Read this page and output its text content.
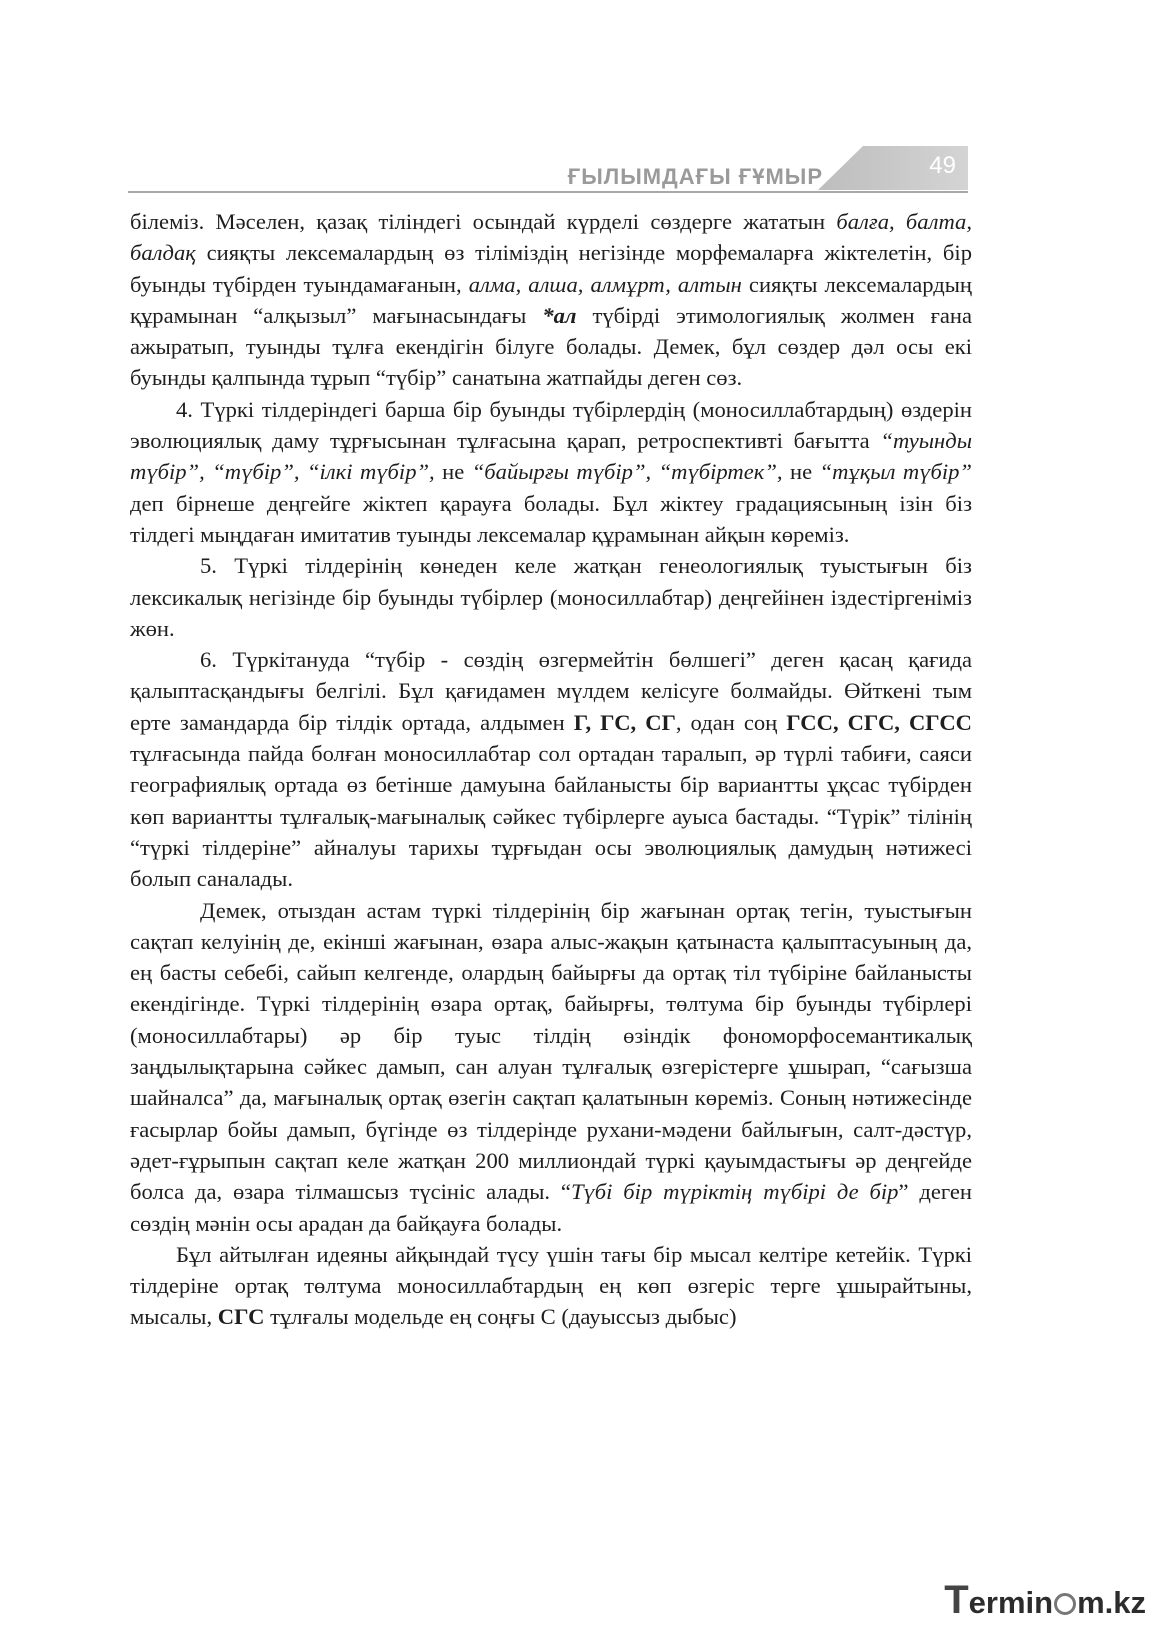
ҒЫЛЫМДАҒЫ ҒҰМЫР	49

білеміз. Мәселен, қазақ тіліндегі осындай күрделі сөздерге жататын балға, балта, балдақ сияқты лексемалардың өз тіліміздің негізінде морфемаларға жіктелетін, бір буынды түбірден туындамағанын, алма, алша, алмұрт, алтын сияқты лексемалардың құрамынан “алқызыл” мағынасындағы *ал түбірді этимологиялық жолмен ғана ажыратып, туынды тұлға екендігін білуге болады. Демек, бұл сөздер дәл осы екі буынды қалпында тұрып “түбір” санатына жатпайды деген сөз.

4. Түркі тілдеріндегі барша бір буынды түбірлердің (моносиллабтардың) өздерін эволюциялық даму тұрғысынан тұлғасына қарап, ретроспективті бағытта “туынды түбір”, “түбір”, “ілкі түбір”, не “байырғы түбір”, “түбіртек”, не “тұқыл түбір” деп бірнеше деңгейге жіктеп қарауға болады. Бұл жіктеу градациясының ізін біз тілдегі мыңдаған имитатив туынды лексемалар құрамынан айқын көреміз.

5. Түркі тілдерінің көнеден келе жатқан генеологиялық туыстығын біз лексикалық негізінде бір буынды түбірлер (моносиллабтар) деңгейінен іздестіргеніміз жөн.

6. Түркітануда “түбір - сөздің өзгермейтін бөлшегі” деген қасаң қағида қалыптасқандығы белгілі. Бұл қағидамен мүлдем келісуге болмайды. Өйткені тым ерте замандарда бір тілдік ортада, алдымен Г, ГС, СГ, одан соң ГСС, СГС, СГСС тұлғасында пайда болған моносиллабтар сол ортадан таралып, әр түрлі табиғи, саяси географиялық ортада өз бетінше дамуына байланысты бір вариантты ұқсас түбірден көп вариантты тұлғалық-мағыналық сәйкес түбірлерге ауыса бастады. “Түрік” тілінің “түркі тілдеріне” айналуы тарихы тұрғыдан осы эволюциялық дамудың нәтижесі болып саналады.

Демек, отыздан астам түркі тілдерінің бір жағынан ортақ тегін, туыстығын сақтап келуінің де, екінші жағынан, өзара алыс-жақын қатынаста қалыптасуының да, ең басты себебі, сайып келгенде, олардың байырғы да ортақ тіл түбіріне байланысты екендігінде. Түркі тілдерінің өзара ортақ, байырғы, төлтума бір буынды түбірлері (моносиллабтары) әр бір туыс тілдің өзіндік фономорфосемантикалық заңдылықтарына сәйкес дамып, сан алуан тұлғалық өзгерістерге ұшырап, “сағызша шайналса” да, мағыналық ортақ өзегін сақтап қалатынын көреміз. Соның нәтижесінде ғасырлар бойы дамып, бүгінде өз тілдерінде рухани-мәдени байлығын, салт-дәстүр, әдет-ғұрыпын сақтап келе жатқан 200 миллиондай түркі қауымдастығы әр деңгейде болса да, өзара тілмашсыз түсініс алады. “Түбі бір түріктің түбірі де бір” деген сөздің мәнін осы арадан да байқауға болады.

Бұл айтылған идеяны айқындай түсу үшін тағы бір мысал келтіре кетейік. Түркі тілдеріне ортақ төлтума моносиллабтардың ең көп өзгеріс терге ұшырайтыны, мысалы, СГС тұлғалы модельде ең соңғы С (дауыссыз дыбыс)

Termin m.kz
